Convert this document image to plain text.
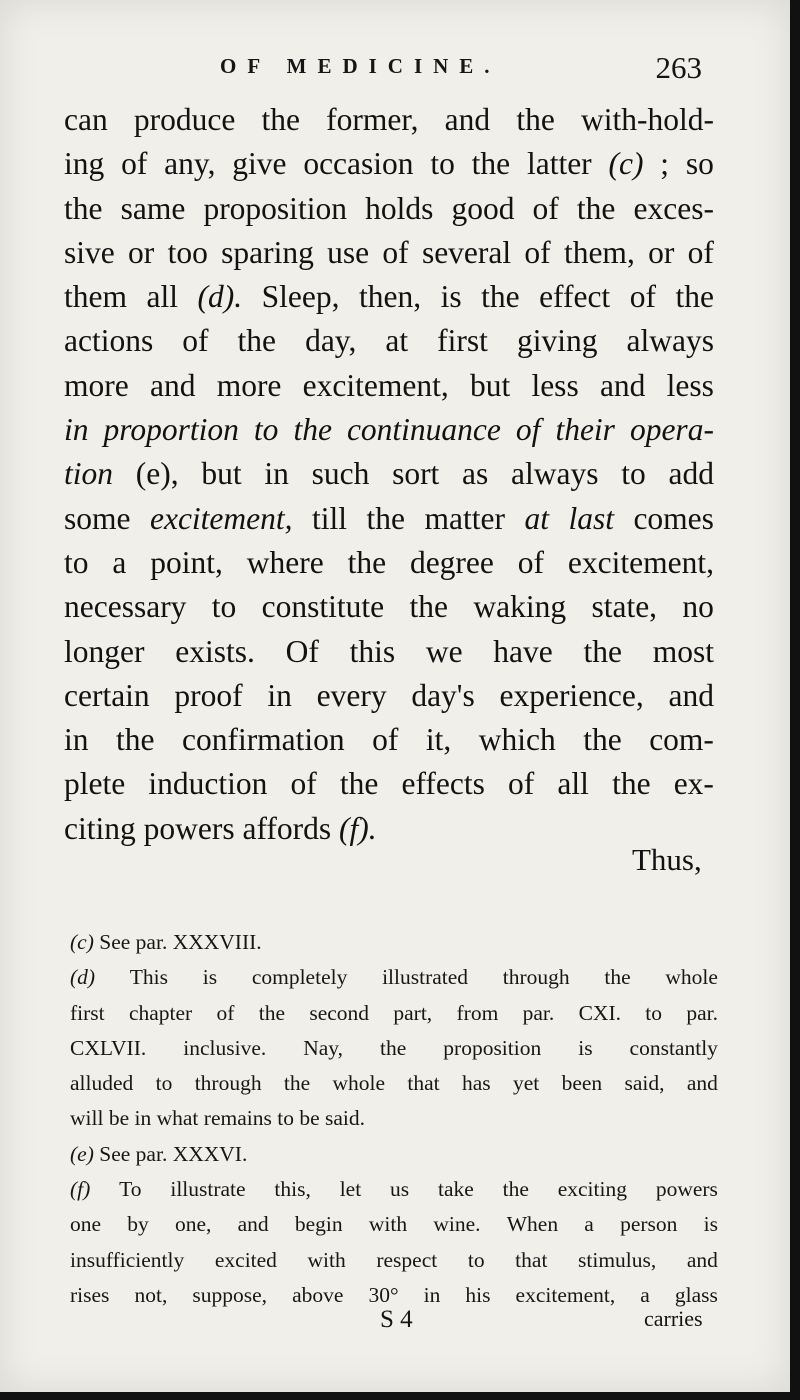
OF MEDICINE.	263
can produce the former, and the with-hold-
ing of any, give occasion to the latter (c) ; so
the same proposition holds good of the exces-
sive or too sparing use of several of them, or of
them all (d). Sleep, then, is the effect of the
actions of the day, at first giving always
more and more excitement, but less and less
in proportion to the continuance of their opera-
tion (e), but in such sort as always to add
some excitement, till the matter at last comes
to a point, where the degree of excitement,
necessary to constitute the waking state, no
longer exists. Of this we have the most
certain proof in every day's experience, and
in the confirmation of it, which the com-
plete induction of the effects of all the ex-
citing
powers
affords
(f).
Thus,
(c)
See
par.
XXXVIII.
(d) This is completely illustrated through the whole
first chapter of the second part, from par. CXI. to par.
CXLVII. inclusive. Nay, the proposition is constantly
alluded to through the whole that has yet been said, and
will
be
in
what
remains
to
be
said.
(e)
See
par.
XXXVI.
(f) To illustrate this, let us take the exciting powers
one by one, and begin with wine. When a person is
insufficiently excited with respect to that stimulus, and
rises not, suppose, above 30° in his excitement, a glass
S 4	carries
